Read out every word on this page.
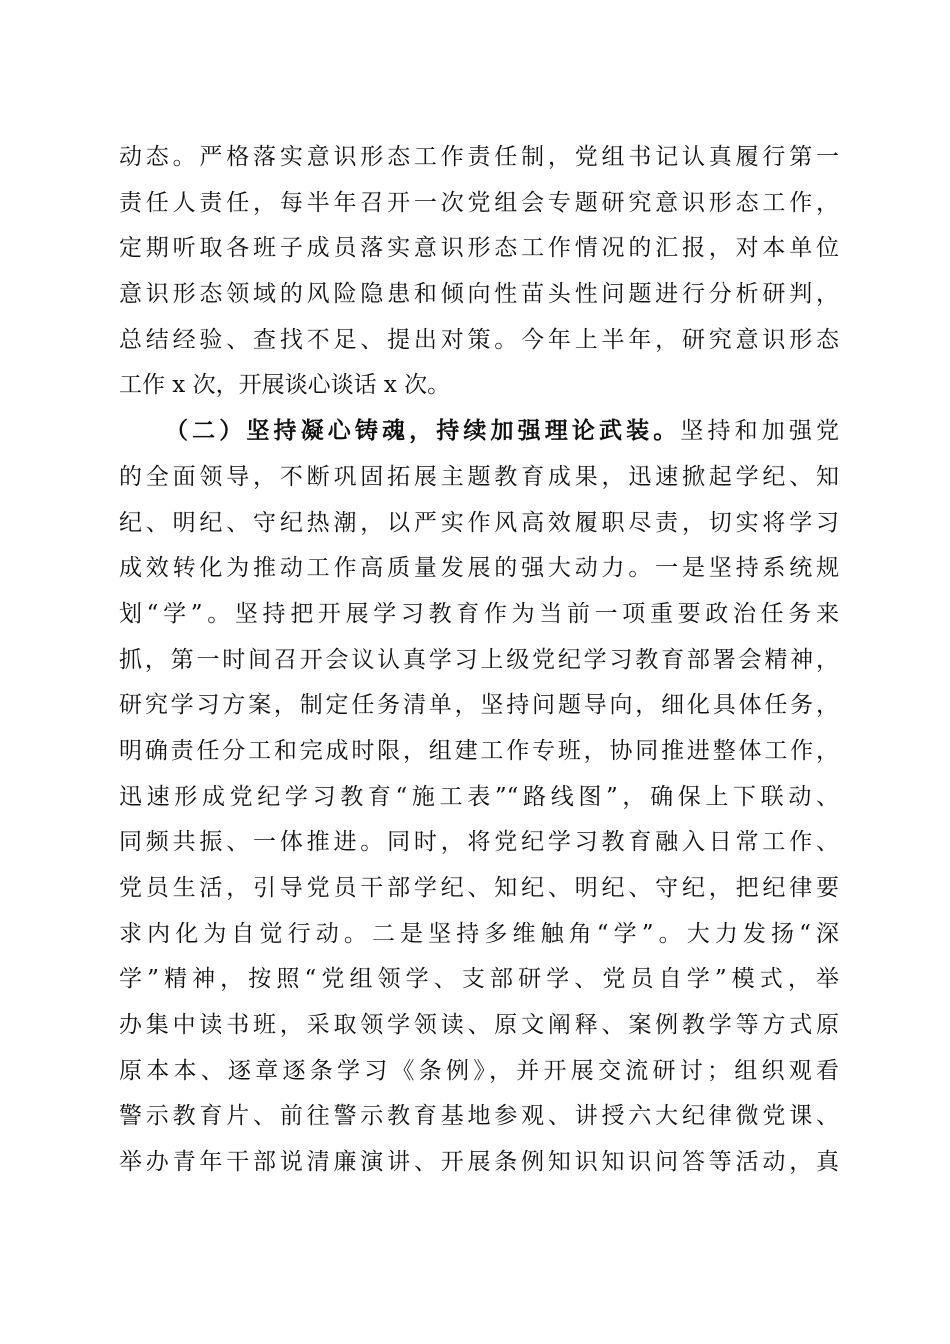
动态。严格落实意识形态工作责任制，党组书记认真履行第一
责任人责任，每半年召开一次党组会专题研究意识形态工作，
定期听取各班子成员落实意识形态工作情况的汇报，对本单位
意识形态领域的风险隐患和倾向性苗头性问题进行分析研判，
总结经验、查找不足、提出对策。今年上半年，研究意识形态
工作 x 次，开展谈心谈话 x 次。
（二）坚持凝心铸魂，持续加强理论武装。坚持和加强党
的全面领导，不断巩固拓展主题教育成果，迅速掀起学纪、知
纪、明纪、守纪热潮，以严实作风高效履职尽责，切实将学习
成效转化为推动工作高质量发展的强大动力。一是坚持系统规
划“学”。坚持把开展学习教育作为当前一项重要政治任务来
抓，第一时间召开会议认真学习上级党纪学习教育部署会精神，
研究学习方案，制定任务清单，坚持问题导向，细化具体任务，
明确责任分工和完成时限，组建工作专班，协同推进整体工作，
迅速形成党纪学习教育“施工表”“路线图”，确保上下联动、
同频共振、一体推进。同时，将党纪学习教育融入日常工作、
党员生活，引导党员干部学纪、知纪、明纪、守纪，把纪律要
求内化为自觉行动。二是坚持多维触角“学”。大力发扬“深
学”精神，按照“党组领学、支部研学、党员自学”模式，举
办集中读书班，采取领学领读、原文阐释、案例教学等方式原
原本本、逐章逐条学习《条例》，并开展交流研讨；组织观看
警示教育片、前往警示教育基地参观、讲授六大纪律微党课、
举办青年干部说清廉演讲、开展条例知识知识问答等活动，真
